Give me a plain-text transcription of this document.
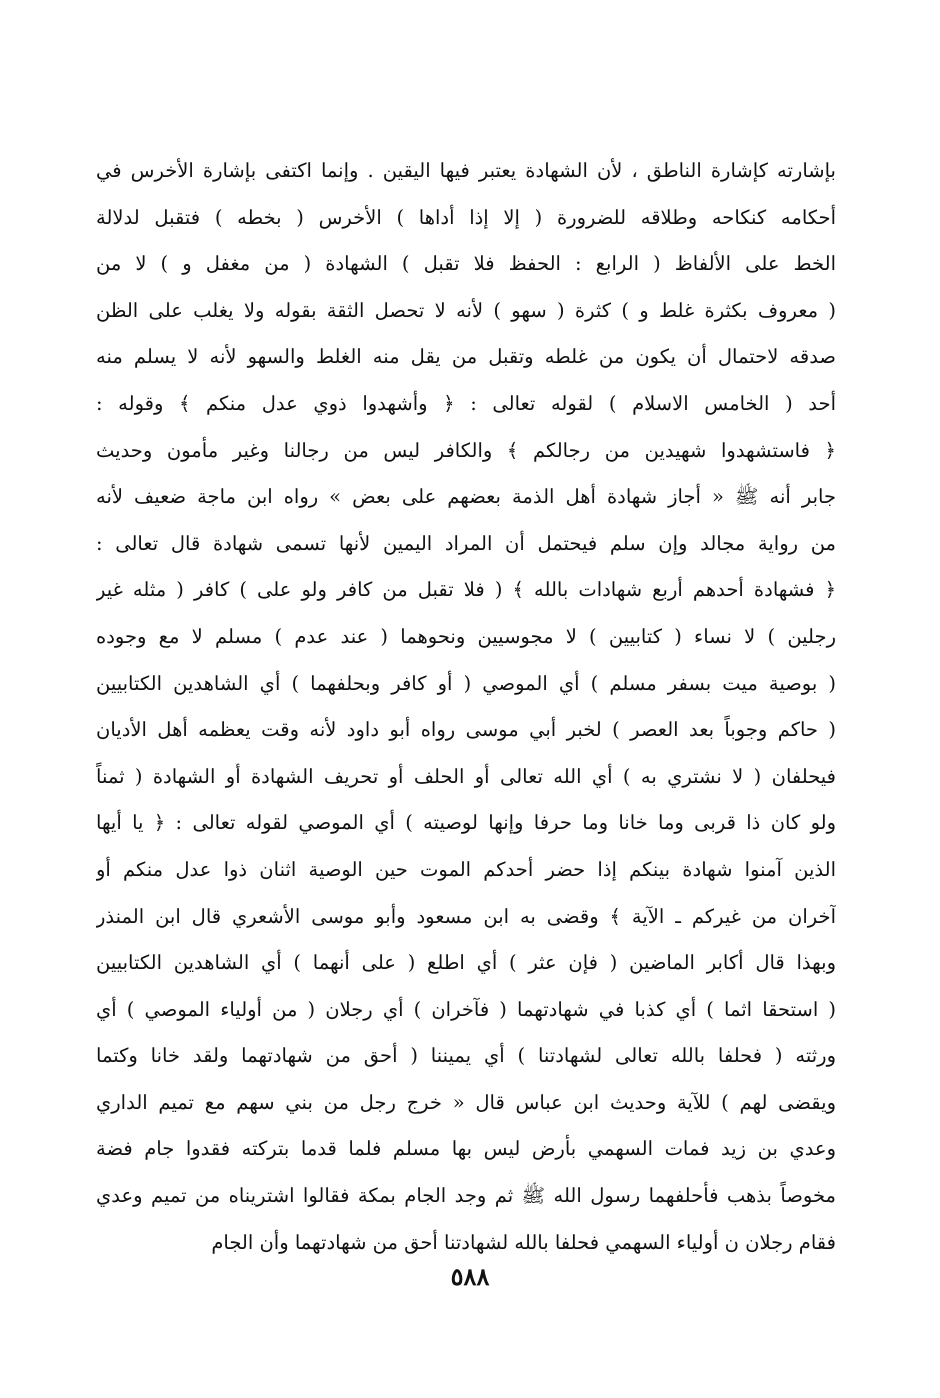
بإشارته كإشارة الناطق ، لأن الشهادة يعتبر فيها اليقين . وإنما اكتفى بإشارة الأخرس في
أحكامه كنكاحه وطلاقه للضرورة ( إلا إذا أداها ) الأخرس ( بخطه ) فتقبل لدلالة
الخط على الألفاظ ( الرابع : الحفظ فلا تقبل ) الشهادة ( من مغفل و ) لا من
( معروف بكثرة غلط و ) كثرة ( سهو ) لأنه لا تحصل الثقة بقوله ولا يغلب على الظن
صدقه لاحتمال أن يكون من غلطه وتقبل من يقل منه الغلط والسهو لأنه لا يسلم منه
أحد ( الخامس الاسلام ) لقوله تعالى : ﴿ وأشهدوا ذوي عدل منكم ﴾ وقوله :
﴿ فاستشهدوا شهيدين من رجالكم ﴾ والكافر ليس من رجالنا وغير مأمون وحديث
جابر أنه ﷺ « أجاز شهادة أهل الذمة بعضهم على بعض » رواه ابن ماجة ضعيف لأنه
من رواية مجالد وإن سلم فيحتمل أن المراد اليمين لأنها تسمى شهادة قال تعالى :
﴿ فشهادة أحدهم أربع شهادات بالله ﴾ ( فلا تقبل من كافر ولو على ) كافر ( مثله غير
رجلين ) لا نساء ( كتابيين ) لا مجوسيين ونحوهما ( عند عدم ) مسلم لا مع وجوده
( بوصية ميت بسفر مسلم ) أي الموصي ( أو كافر وبحلفهما ) أي الشاهدين الكتابيين
( حاكم وجوباً بعد العصر ) لخبر أبي موسى رواه أبو داود لأنه وقت يعظمه أهل الأديان
فيحلفان ( لا نشتري به ) أي الله تعالى أو الحلف أو تحريف الشهادة أو الشهادة ( ثمناً
ولو كان ذا قربى وما خانا وما حرفا وإنها لوصيته ) أي الموصي لقوله تعالى : ﴿ يا أيها
الذين آمنوا شهادة بينكم إذا حضر أحدكم الموت حين الوصية اثنان ذوا عدل منكم أو
آخران من غيركم ـ الآية ﴾ وقضى به ابن مسعود وأبو موسى الأشعري قال ابن المنذر
وبهذا قال أكابر الماضين ( فإن عثر ) أي اطلع ( على أنهما ) أي الشاهدين الكتابيين
( استحقا اثما ) أي كذبا في شهادتهما ( فآخران ) أي رجلان ( من أولياء الموصي ) أي
ورثته ( فحلفا بالله تعالى لشهادتنا ) أي يميننا ( أحق من شهادتهما ولقد خانا وكتما
ويقضى لهم ) للآية وحديث ابن عباس قال « خرج رجل من بني سهم مع تميم الداري
وعدي بن زيد فمات السهمي بأرض ليس بها مسلم فلما قدما بتركته فقدوا جام فضة
مخوصاً بذهب فأحلفهما رسول الله ﷺ ثم وجد الجام بمكة فقالوا اشتريناه من تميم وعدي
فقام رجلان ن أولياء السهمي فحلفا بالله لشهادتنا أحق من شهادتهما وأن الجام
٥٨٨
